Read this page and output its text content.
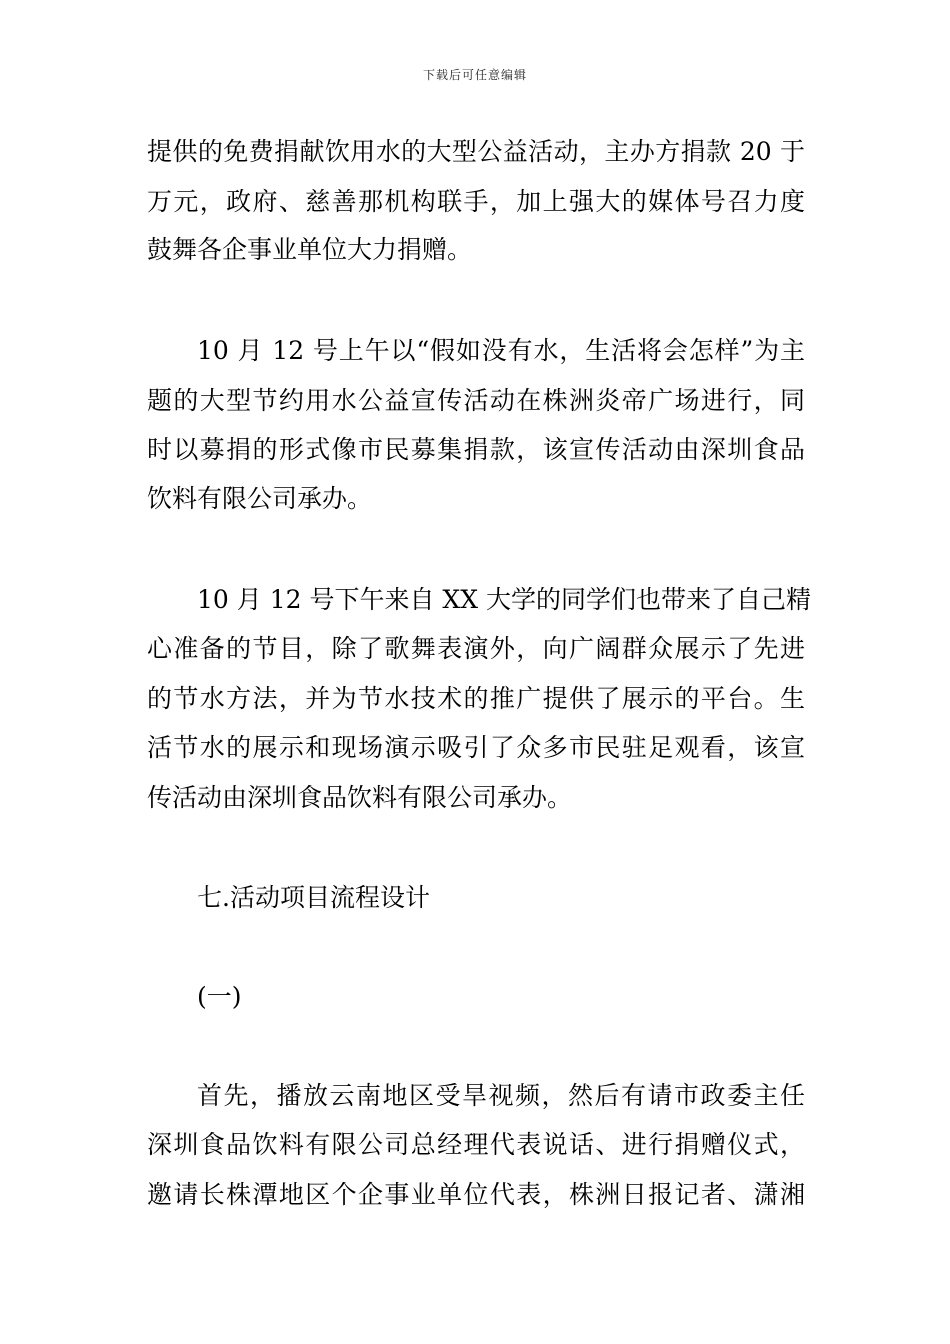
下载后可任意编辑
提供的免费捐献饮用水的大型公益活动，主办方捐款 20 于
万元，政府、慈善那机构联手，加上强大的媒体号召力度
鼓舞各企事业单位大力捐赠。
10 月 12 号上午以“假如没有水，生活将会怎样”为主
题的大型节约用水公益宣传活动在株洲炎帝广场进行，同
时以募捐的形式像市民募集捐款，该宣传活动由深圳食品
饮料有限公司承办。
10 月 12 号下午来自 XX 大学的同学们也带来了自己精
心准备的节目，除了歌舞表演外，向广阔群众展示了先进
的节水方法，并为节水技术的推广提供了展示的平台。生
活节水的展示和现场演示吸引了众多市民驻足观看，该宣
传活动由深圳食品饮料有限公司承办。
七.活动项目流程设计
(一)
首先，播放云南地区受旱视频，然后有请市政委主任
深圳食品饮料有限公司总经理代表说话、进行捐赠仪式，
邀请长株潭地区个企事业单位代表，株洲日报记者、潇湘
